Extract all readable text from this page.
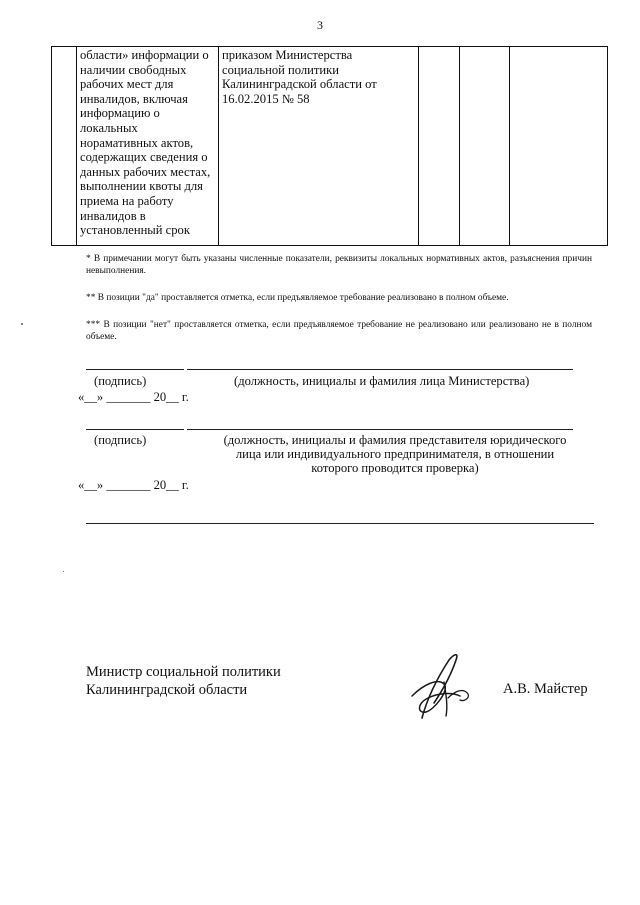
3
	области» информации о наличии свободных рабочих мест для инвалидов, включая информацию о локальных норамативных актов, содержащих сведения о данных рабочих местах, выполнении квоты для приема на работу инвалидов в установленный срок	приказом Министерства социальной политики Калининградской области от 16.02.2015 № 58			
* В примечании могут быть указаны численные показатели, реквизиты локальных нормативных актов, разъяснения причин невыполнения.
** В позиции "да" проставляется отметка, если предъявляемое требование реализовано в полном объеме.
*** В позиции "нет" проставляется отметка, если предъявляемое требование не реализовано или реализовано не в полном объеме.
(подпись)	(должность, инициалы и фамилия лица Министерства)
«__» _______ 20__ г.
(подпись)	(должность, инициалы и фамилия представителя юридического
лица или индивидуального предпринимателя, в отношении
которого проводится проверка)
«__» _______ 20__ г.
Министр социальной политики
Калининградской области	А.В. Майстер
